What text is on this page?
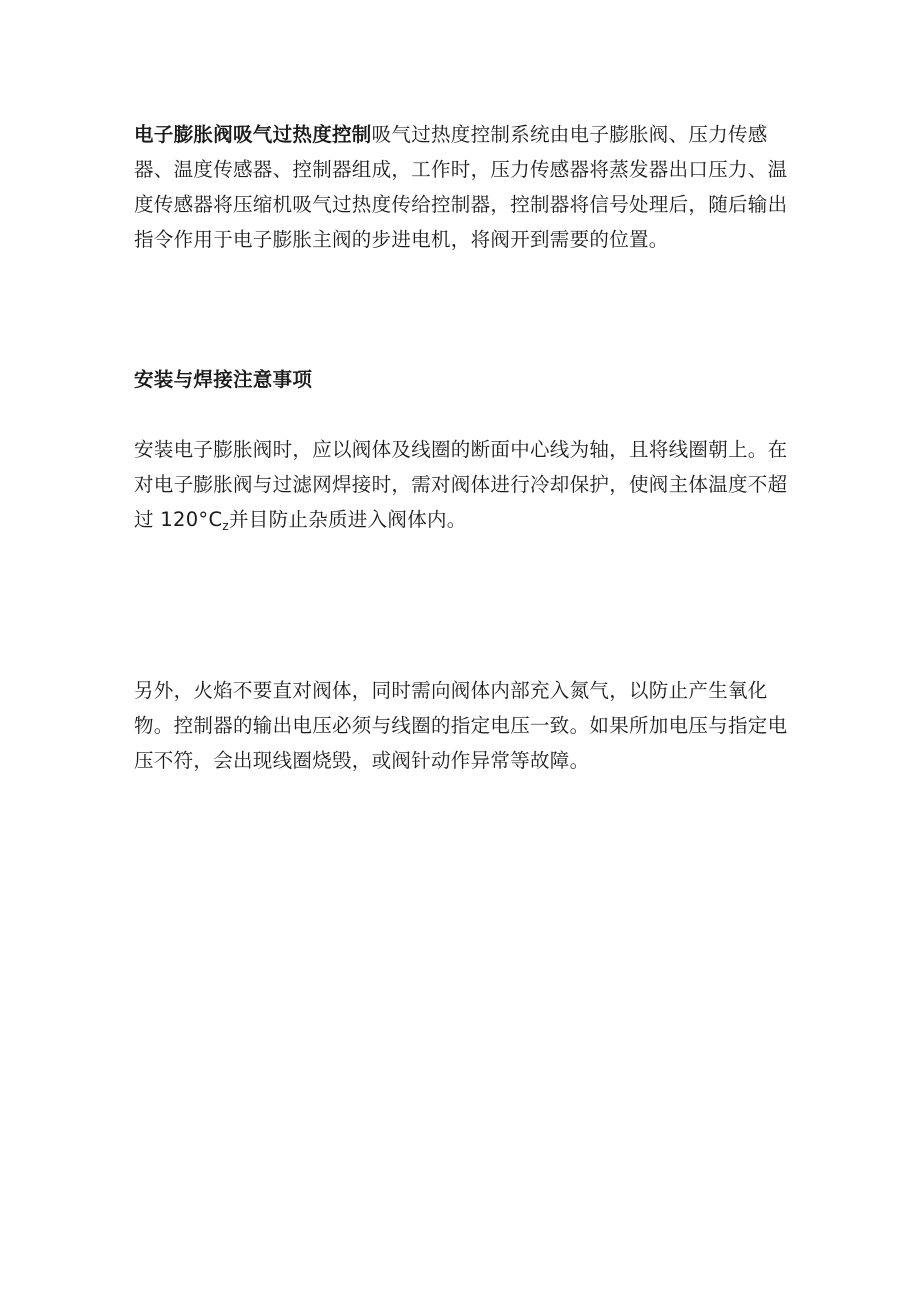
电子膨胀阀吸气过热度控制吸气过热度控制系统由电子膨胀阀、压力传感器、温度传感器、控制器组成，工作时，压力传感器将蒸发器出口压力、温度传感器将压缩机吸气过热度传给控制器，控制器将信号处理后，随后输出指令作用于电子膨胀主阀的步进电机，将阀开到需要的位置。

安装与焊接注意事项

安装电子膨胀阀时，应以阀体及线圈的断面中心线为轴，且将线圈朝上。在对电子膨胀阀与过滤网焊接时，需对阀体进行冷却保护，使阀主体温度不超过 $120^\circ C_z$并目防止杂质进入阀体内。

另外，火焰不要直对阀体，同时需向阀体内部充入氮气，以防止产生氧化物。控制器的输出电压必须与线圈的指定电压一致。如果所加电压与指定电压不符，会出现线圈烧毁，或阀针动作异常等故障。
